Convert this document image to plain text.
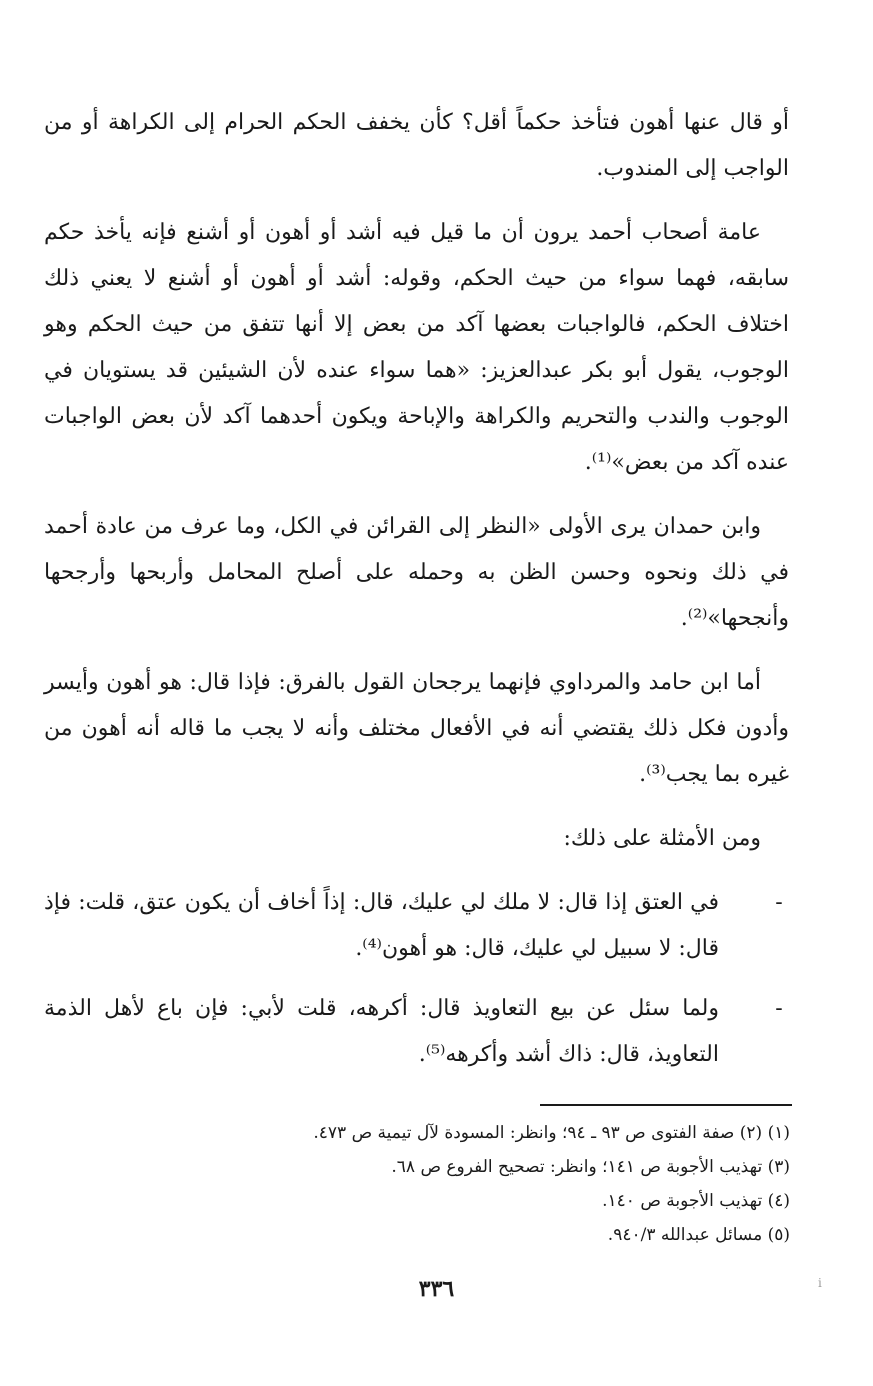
أو قال عنها أهون فتأخذ حكماً أقل؟ كأن يخفف الحكم الحرام إلى الكراهة أو من الواجب إلى المندوب.

عامة أصحاب أحمد يرون أن ما قيل فيه أشد أو أهون أو أشنع فإنه يأخذ حكم سابقه، فهما سواء من حيث الحكم، وقوله: أشد أو أهون أو أشنع لا يعني ذلك اختلاف الحكم، فالواجبات بعضها آكد من بعض إلا أنها تتفق من حيث الحكم وهو الوجوب، يقول أبو بكر عبدالعزيز: «هما سواء عنده لأن الشيئين قد يستويان في الوجوب والندب والتحريم والكراهة والإباحة ويكون أحدهما آكد لأن بعض الواجبات عنده آكد من بعض»⁽¹⁾.

وابن حمدان يرى الأولى «النظر إلى القرائن في الكل، وما عرف من عادة أحمد في ذلك ونحوه وحسن الظن به وحمله على أصلح المحامل وأربحها وأرجحها وأنجحها»⁽²⁾.

أما ابن حامد والمرداوي فإنهما يرجحان القول بالفرق: فإذا قال: هو أهون وأيسر وأدون فكل ذلك يقتضي أنه في الأفعال مختلف وأنه لا يجب ما قاله أنه أهون من غيره بما يجب⁽³⁾.

ومن الأمثلة على ذلك:

-
في العتق إذا قال: لا ملك لي عليك، قال: إذاً أخاف أن يكون عتق، قلت: فإذ قال: لا سبيل لي عليك، قال: هو أهون⁽⁴⁾.
-
ولما سئل عن بيع التعاويذ قال: أكرهه، قلت لأبي: فإن باع لأهل الذمة التعاويذ، قال: ذاك أشد وأكرهه⁽⁵⁾.
(١) (٢) صفة الفتوى ص ٩٣ ـ ٩٤؛ وانظر: المسودة لآل تيمية ص ٤٧٣.
(٣) تهذيب الأجوبة ص ١٤١؛ وانظر: تصحيح الفروع ص ٦٨.
(٤) تهذيب الأجوبة ص ١٤٠.
(٥) مسائل عبدالله ٩٤٠/٣.
٣٣٦	i
